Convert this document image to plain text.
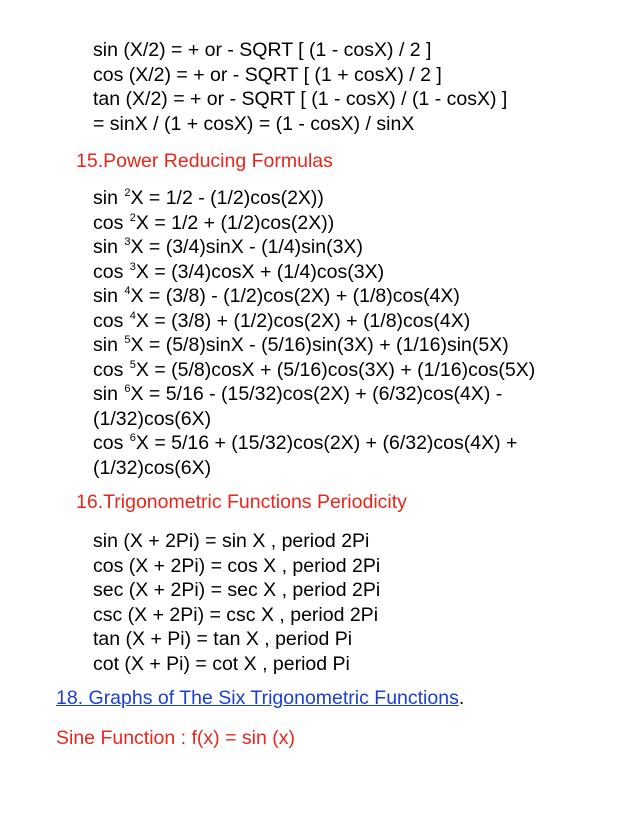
sin (X/2) = + or - SQRT [ (1 - cosX) / 2 ]
cos (X/2) = + or - SQRT [ (1 + cosX) / 2 ]
tan (X/2) = + or - SQRT [ (1 - cosX) / (1 - cosX) ]
= sinX / (1 + cosX) = (1 - cosX) / sinX
15.Power Reducing Formulas
sin $^2$X = 1/2 - (1/2)cos(2X))
cos $^2$X = 1/2 + (1/2)cos(2X))
sin $^3$X = (3/4)sinX - (1/4)sin(3X)
cos $^3$X = (3/4)cosX + (1/4)cos(3X)
sin $^4$X = (3/8) - (1/2)cos(2X) + (1/8)cos(4X)
cos $^4$X = (3/8) + (1/2)cos(2X) + (1/8)cos(4X)
sin $^5$X = (5/8)sinX - (5/16)sin(3X) + (1/16)sin(5X)
cos $^5$X = (5/8)cosX + (5/16)cos(3X) + (1/16)cos(5X)
sin $^6$X = 5/16 - (15/32)cos(2X) + (6/32)cos(4X) -
(1/32)cos(6X)
cos $^6$X = 5/16 + (15/32)cos(2X) + (6/32)cos(4X) +
(1/32)cos(6X)
16.Trigonometric Functions Periodicity
sin (X + 2Pi) = sin X , period 2Pi
cos (X + 2Pi) = cos X , period 2Pi
sec (X + 2Pi) = sec X , period 2Pi
csc (X + 2Pi) = csc X , period 2Pi
tan (X + Pi) = tan X , period Pi
cot (X + Pi) = cot X , period Pi
18. Graphs of The Six Trigonometric Functions.
Sine Function : f(x) = sin (x)
